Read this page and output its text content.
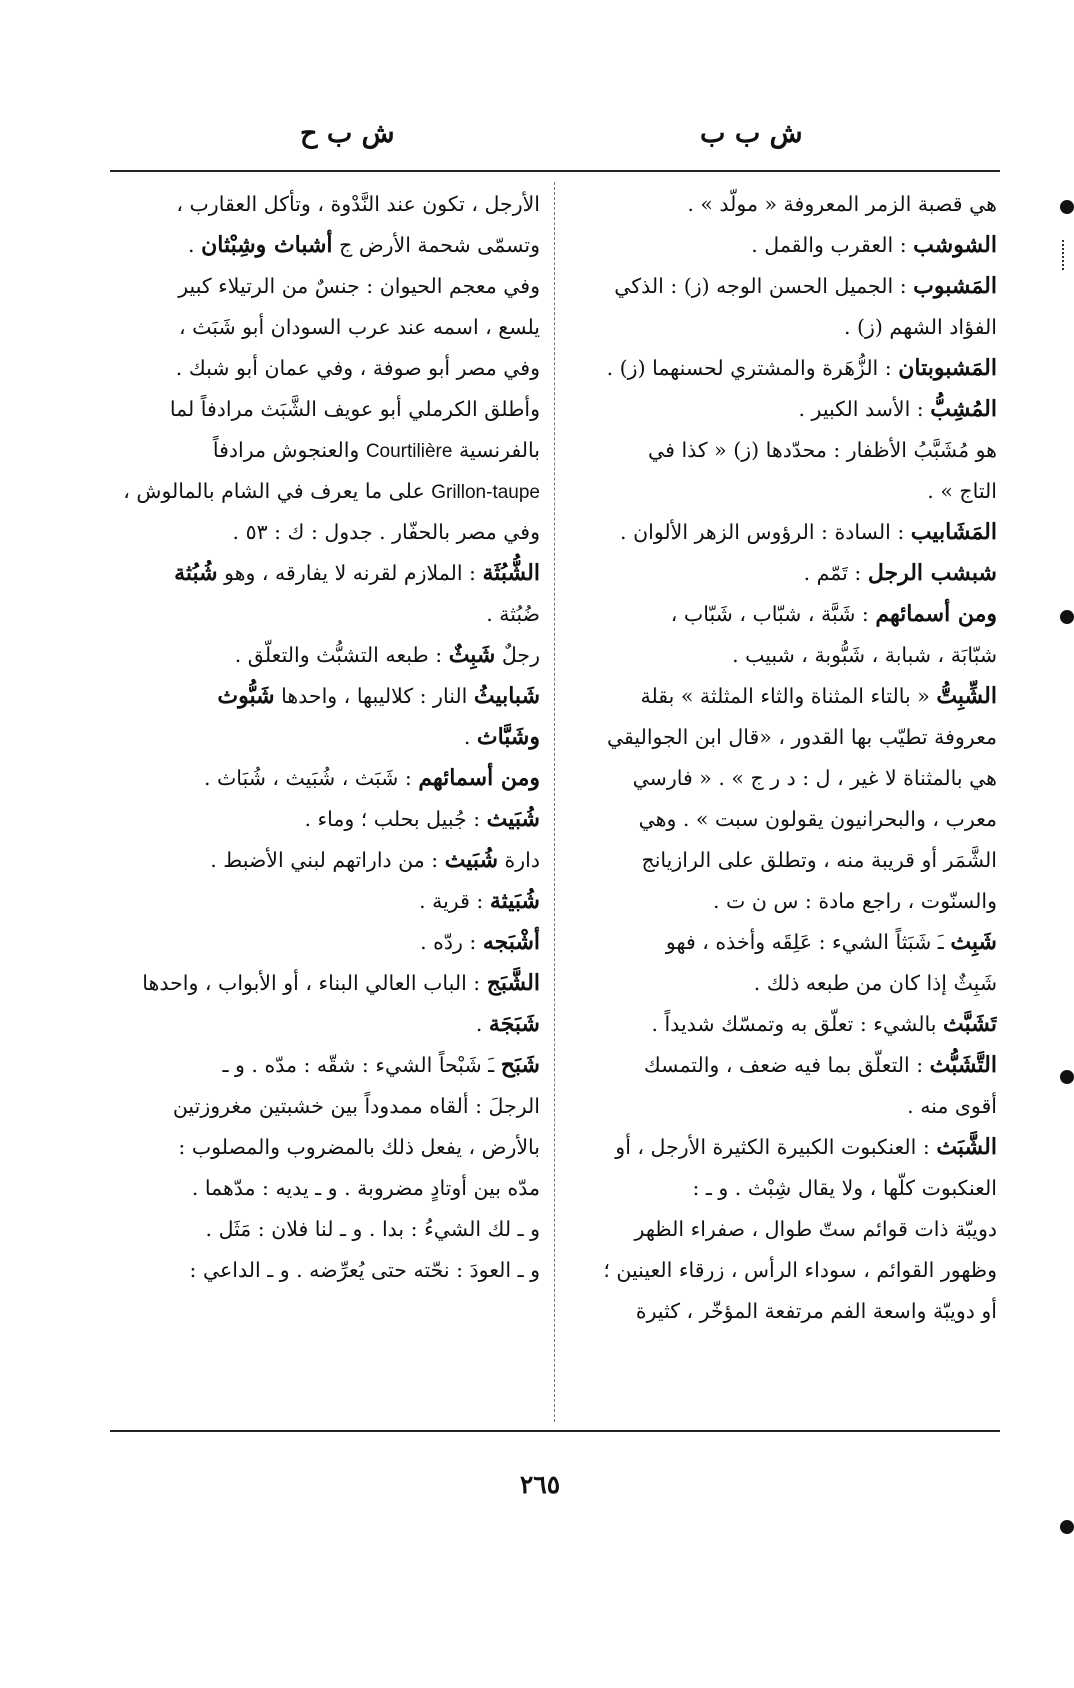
ش ب ب
ش ب ح
هي قصبة الزمر المعروفة « مولّد » .
الشوشب : العقرب والقمل .
المَشبوب : الجميل الحسن الوجه (ز) : الذكي
الفؤاد الشهم (ز) .
المَشبوبتان : الزُّهَرة والمشتري لحسنهما (ز) .
المُشِبُّ : الأسد الكبير .
هو مُشَبَّبُ الأظفار : محدّدها (ز) « كذا في
التاج » .
المَشَابيب : السادة : الرؤوس الزهر الألوان .
شبشب الرجل : تَمّم .
ومن أسمائهم : شَبَّة ، شبّاب ، شَبّاب ،
شبّابَة ، شبابة ، شَبُّوبة ، شبيب .
الشِّبِتُّ « بالتاء المثناة والثاء المثلثة » بقلة
معروفة تطيّب بها القدور ، «قال ابن الجواليقي
هي بالمثناة لا غير ، ل : د ر ج » . « فارسي
معرب ، والبحرانيون يقولون سبت » . وهي
الشَّمَر أو قريبة منه ، وتطلق على الرازيانج
والسنّوت ، راجع مادة : س ن ت .
شَبِث ـَ شَبَثاً الشيء : عَلِقَه وأخذه ، فهو
شَبِثٌ إذا كان من طبعه ذلك .
تَشَبَّث بالشيء : تعلّق به وتمسّك شديداً .
التَّشَبُّث : التعلّق بما فيه ضعف ، والتمسك
أقوى منه .
الشَّبَث : العنكبوت الكبيرة الكثيرة الأرجل ، أو
العنكبوت كلّها ، ولا يقال شِبْث . و ـ :
دويبّة ذات قوائم ستّ طوال ، صفراء الظهر
وظهور القوائم ، سوداء الرأس ، زرقاء العينين ؛
أو دويبّة واسعة الفم مرتفعة المؤخّر ، كثيرة
الأرجل ، تكون عند النَّدْوة ، وتأكل العقارب ،
وتسمّى شحمة الأرض ج أشباث وشِبْثان .
وفي معجم الحيوان : جنسٌ من الرتيلاء كبير
يلسع ، اسمه عند عرب السودان أبو شَبَث ،
وفي مصر أبو صوفة ، وفي عمان أبو شبك .
وأطلق الكرملي أبو عويف الشَّبَث مرادفاً لما
بالفرنسية Courtilière والعنجوش مرادفاً
Grillon-taupe على ما يعرف في الشام بالمالوش ،
وفي مصر بالحفّار . جدول : ك : ٥٣ .
الشُّبُثَة : الملازم لقرنه لا يفارقه ، وهو شُبُثة
ضُبُثة .
رجلٌ شَبِثٌ : طبعه التشبُّث والتعلّق .
شَبابيثُ النار : كلاليبها ، واحدها شَبُّوث
وشَبَّاث .
ومن أسمائهم : شَبَث ، شُبَيث ، شُبَاث .
شُبَيث : جُبيل بحلب ؛ وماء .
دارة شُبَيث : من داراتهم لبني الأضبط .
شُبَيثة : قرية .
أشْبَجه : ردّه .
الشَّبَج : الباب العالي البناء ، أو الأبواب ، واحدها
شَبَجَة .
شَبَح ـَ شَبْحاً الشيء : شقّه : مدّه . و ـ
الرجلَ : ألقاه ممدوداً بين خشبتين مغروزتين
بالأرض ، يفعل ذلك بالمضروب والمصلوب :
مدّه بين أوتادٍ مضروبة . و ـ يديه : مدّهما .
و ـ لك الشيءُ : بدا . و ـ لنا فلان : مَثَل .
و ـ العودَ : نحّته حتى يُعرِّضه . و ـ الداعي :
٢٦٥
